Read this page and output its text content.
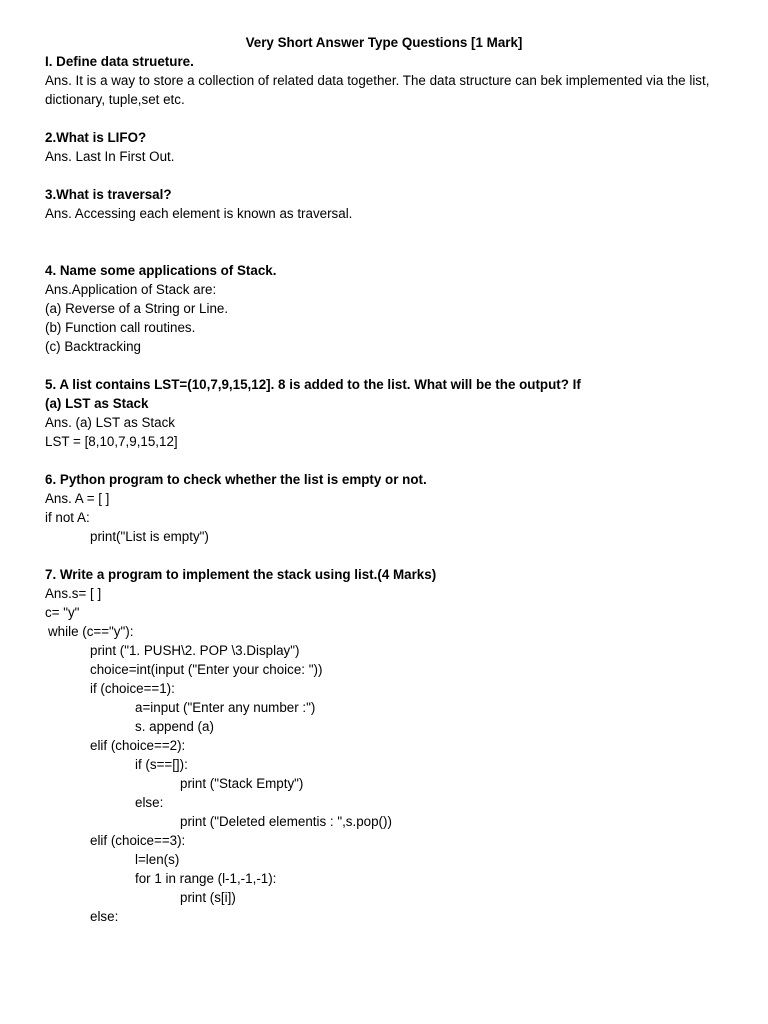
Very Short Answer Type Questions [1 Mark]
I. Define data strueture.
Ans. It is a way to store a collection of related data together. The data structure can bek implemented via the list, dictionary, tuple,set etc.
2.What is LIFO?
Ans. Last In First Out.
3.What is traversal?
Ans. Accessing each element is known as traversal.
4. Name some applications of Stack.
Ans.Application of Stack are:
(a) Reverse of a String or Line.
(b) Function call routines.
(c) Backtracking
5. A list contains LST=(10,7,9,15,12]. 8 is added to the list. What will be the output? If
(a) LST as Stack
Ans. (a) LST as Stack
LST = [8,10,7,9,15,12]
6. Python program to check whether the list is empty or not.
Ans. A = [ ]
if not A:
print("List is empty")
7. Write a program to implement the stack using list.(4 Marks)
Ans.s= [ ]
c= "y"
while (c=="y"):
print ("1. PUSH\2. POP \3.Display")
choice=int(input ("Enter your choice: "))
if (choice==1):
a=input ("Enter any number :")
s. append (a)
elif (choice==2):
if (s==[]):
print ("Stack Empty")
else:
print ("Deleted elementis : ",s.pop())
elif (choice==3):
l=len(s)
for 1 in range (l-1,-1,-1):
print (s[i])
else:
